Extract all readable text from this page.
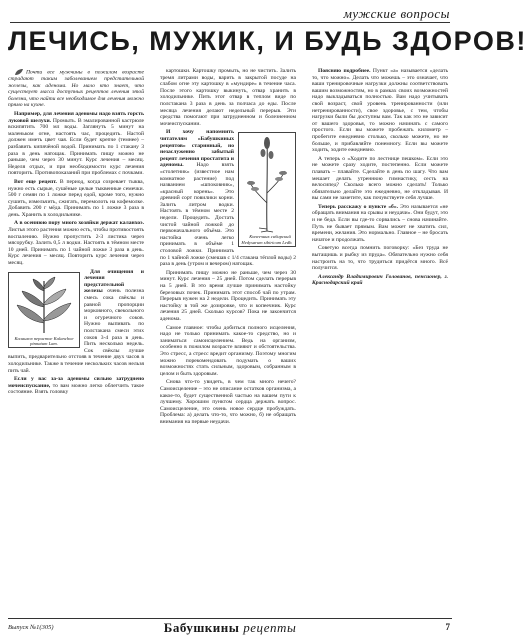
мужские вопросы
ЛЕЧИСЬ, МУЖИК, И БУДЬ ЗДОРОВ!

Почти все мужчины в пожилом возрасте страдают таким заболеванием предстательной железы, как аденома. Но мало кто знает, что существует масса доступных рецептов лечения этой болезни, что найти все необходимое для лечения можно прямо на кухне.

Например, для лечения аденомы надо взять горсть луковой шелухи. Промыть. В эмалированной кастрюле вскипятить 700 мл воды. Заглянуть 5 минут на маленьком огне, настоять час, процедить. Настой должен иметь цвет чая. Если будет крепче (темнее) – разбавить кипячёной водой. Принимать по 1 стакану 3 раза в день натощак. Принимать пищу можно не раньше, чем через 30 минут. Курс лечения – месяц. Неделя отдых, и при необходимости курс лечения повторить. Противопоказаний при проблемах с почками.

Вот еще рецепт. В период, когда созревает тыква, нужно есть сырые, сушёные целые тыквенные семечки. 500 г семян по 1 ложке перед едой, кроме того, нужно сушить, измельчить, сжигать, перемолоть на кофемолке. Добавить 200 г мёда. Принимать по 1 ложке 3 раза в день. Хранить в холодильнике.

А в осеннюю пору много хозяйки держат каланхоэ. Листья этого растения можно есть, чтобы противостоять воспалению. Нужно пропустить 2-3 листика через мясорубку. Залить 0,5 л водки. Настоять в тёмном месте 10 дней. Принимать по 1 чайной ложке 3 раза в день. Курс лечения – месяц. Повторить курс лечения через месяц.

Каланхоэ перистое Kalanchoe pinnatum Lam.

Для очищения и лечения предстательной железы очень полезна смесь сока свёклы и равной пропорции морковного, свекольного и огуречного соков. Нужно выпивать по полстакана смеси этих соков 3-4 раза в день. Пить несколько недель. Сок свёклы лучше выпить, предварительно отстояв в течение двух часов в холодильнике. Также в течение нескольких часов нельзя пить чай.

Если у вас за-за аденомы сильно затруднено мочеиспускание, то вам можно легко облегчить такое состояние. Взять головку

картошки. Картошку промыть, но не чистить. Залить тремя литрами воды, варить в закрытой посуде на слабом огне эту картошку в «мундире» в течение часа. После этого картошку выкинуть, отвар хранить в холодильнике. Пить этот отвар в теплом виде по полстакана 3 раза в день за полчаса до еды. После месяца лечения делают недельный перерыв. Эти средства помогают при затрудненном и болезненном мочеиспускании.

Копеечник сибирский Hedysarum sibiricum Ledb.
И хочу напомнить читателям «Бабушкиных рецептов» старинный, но незаслуженно забытый рецепт лечения простатита и аденомы. Надо взять «столетник» (известное нам комнатное растение) под названием «шпоковник», «красный корень». Это древний сорт повилики корни. Залить литром водки. Настоять в тёмном месте 2 недели. Процедить. Достать чистой чайной ложкой до первоначального объёма. Это настойка очень легко принимать в объёме 1 столовой ложки. Принимать по 1 чайной ложке (смешав с 1/4 стакана тёплой воды) 2 раза в день (утром и вечером) натощак.

Принимать пищу можно не раньше, чем через 30 минут. Курс лечения – 25 дней. Потом сделать перерыв на 5 дней. В это время лучше принимать настойку березовых почек. Принимать этот способ чай по утрам. Перерыв нужен на 2 недели. Процедить. Принимать эту настойку в той же дозировке, что и копеечник. Курс лечения 25 дней. Сколько курсов? Пока не закончится аденома.

Самое главное: чтобы добиться полного исцеления, надо не только принимать какое-то средство, но и заниматься самоисцелением. Ведь на организм, особенно в пожилом возрасте влияют и обстоятельства. Это стресс, а стресс вредит организму. Поэтому многим можно порекомендовать подумать о ваших возможностях стать сильным, здоровым, собранным в целом и быть здоровым.

Снова что-то увидеть, в чем так много нечего? Самоисцеление – это не описание остатков организма, а какое-то, будет существенной частью на вашем пути к лучшему. Хорошим пунктом сердца держать вопрос. Самоисцеление, это очень новое сердце пробуждать. Проблема: а) делать что-то, что можно, б) не обращать внимания на первые неудачи.

Поясняю подробнее. Пункт «а» называется «делать то, что можно». Делать что можешь – это означает, что ваши тренировочные нагрузки должны соответствовать вашим возможностям, но в рамках своих возможностей надо выкладываться полностью. Вам надо учитывать свой возраст, свой уровень тренированности (или нетренированности), свое здоровье, с тем, чтобы нагрузки были бы доступны вам. Так как это не зависит от вашего здоровья, то можно начинать с самого простого. Если вы можете пробежать километр – пробегите ежедневно столько, сколько можете, но не больше, и прибавляйте понемногу. Если вы можете ходить, ходите ежедневно.

А теперь о «Ходите по лестнице пешком». Если это не можете сразу ходите, постепенно. Если можете плавать – плавайте. Сделайте в день по шагу. Что вам мешает делать утреннюю гимнастику, сесть на велосипед? Сколько всего можно сделать! Только обязательно делайте это ежедневно, не откладывая. И вы сами не заметите, как почувствуете себя лучше.

Теперь расскажу о пункте «б». Это называется «не обращать внимания на срывы и неудачи». Они будут, это и не беда. Если вы где-то сорвались – снова начинайте. Путь не бывает прямым. Вам может не хватить сил, времени, желания. Это нормально. Главное – не бросать начатое и продолжать.

Советую всегда помнить поговорку: «Без труда не вытащишь и рыбку из пруда». Обязательно нужно себя настроить на то, что трудиться придётся много. Всё получится.

Александр Владимирович Голованов, пенсионер, г. Краснодарский край

Выпуск №1(305)	Бабушкины рецепты	7
